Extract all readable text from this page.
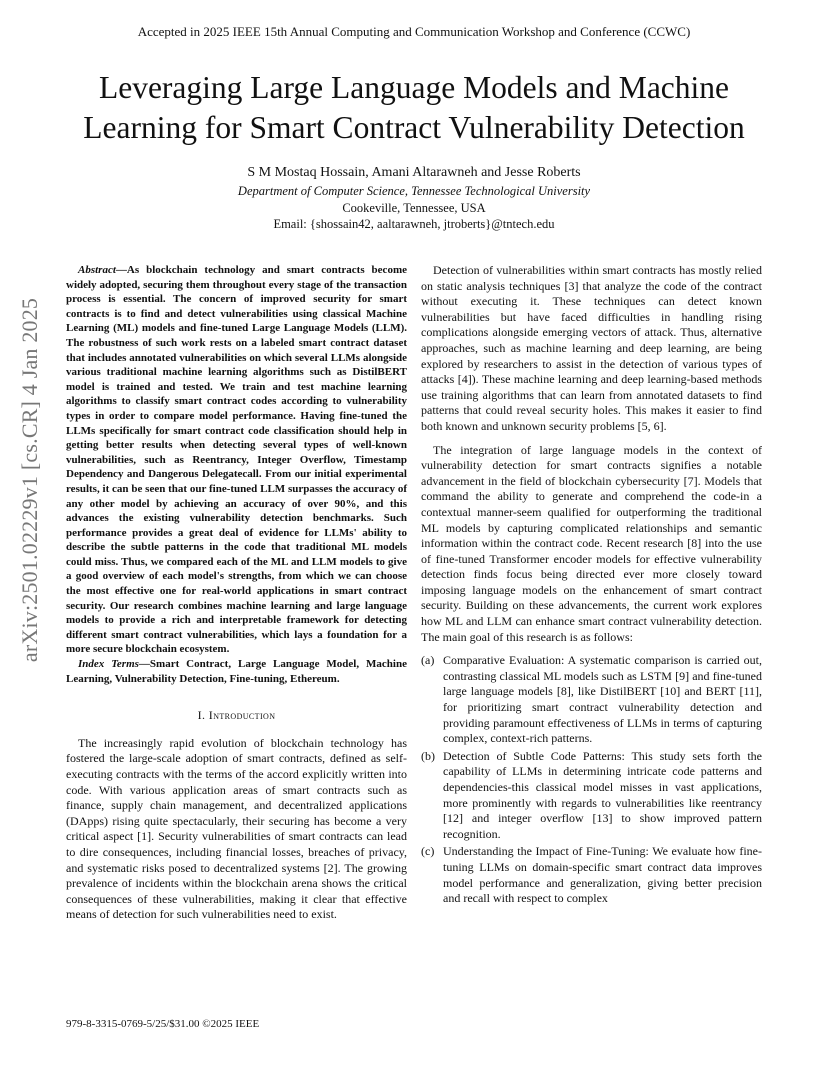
Accepted in 2025 IEEE 15th Annual Computing and Communication Workshop and Conference (CCWC)
Leveraging Large Language Models and Machine
Learning for Smart Contract Vulnerability Detection
S M Mostaq Hossain, Amani Altarawneh and Jesse Roberts
Department of Computer Science, Tennessee Technological University
Cookeville, Tennessee, USA
Email: {shossain42, aaltarawneh, jtroberts}@tntech.edu
arXiv:2501.02229v1 [cs.CR] 4 Jan 2025

Abstract—As blockchain technology and smart contracts become widely adopted, securing them throughout every stage of the transaction process is essential. The concern of improved security for smart contracts is to find and detect vulnerabilities using classical Machine Learning (ML) models and fine-tuned Large Language Models (LLM). The robustness of such work rests on a labeled smart contract dataset that includes annotated vulnerabilities on which several LLMs alongside various traditional machine learning algorithms such as DistilBERT model is trained and tested. We train and test machine learning algorithms to classify smart contract codes according to vulnerability types in order to compare model performance. Having fine-tuned the LLMs specifically for smart contract code classification should help in getting better results when detecting several types of well-known vulnerabilities, such as Reentrancy, Integer Overflow, Timestamp Dependency and Dangerous Delegatecall. From our initial experimental results, it can be seen that our fine-tuned LLM surpasses the accuracy of any other model by achieving an accuracy of over 90%, and this advances the existing vulnerability detection benchmarks. Such performance provides a great deal of evidence for LLMs' ability to describe the subtle patterns in the code that traditional ML models could miss. Thus, we compared each of the ML and LLM models to give a good overview of each model's strengths, from which we can choose the most effective one for real-world applications in smart contract security. Our research combines machine learning and large language models to provide a rich and interpretable framework for detecting different smart contract vulnerabilities, which lays a foundation for a more secure blockchain ecosystem.

Index Terms—Smart Contract, Large Language Model, Machine Learning, Vulnerability Detection, Fine-tuning, Ethereum.

I. Introduction

The increasingly rapid evolution of blockchain technology has fostered the large-scale adoption of smart contracts, defined as self-executing contracts with the terms of the accord explicitly written into code. With various application areas of smart contracts such as finance, supply chain management, and decentralized applications (DApps) rising quite spectacularly, their securing has become a very critical aspect [1]. Security vulnerabilities of smart contracts can lead to dire consequences, including financial losses, breaches of privacy, and systematic risks posed to decentralized systems [2]. The growing prevalence of incidents within the blockchain arena shows the critical consequences of these vulnerabilities, making it clear that effective means of detection for such vulnerabilities need to exist.

Detection of vulnerabilities within smart contracts has mostly relied on static analysis techniques [3] that analyze the code of the contract without executing it. These techniques can detect known vulnerabilities but have faced difficulties in handling rising complications alongside emerging vectors of attack. Thus, alternative approaches, such as machine learning and deep learning, are being explored by researchers to assist in the detection of various types of attacks [4]). These machine learning and deep learning-based methods use training algorithms that can learn from annotated datasets to find patterns that could reveal security holes. This makes it easier to find both known and unknown security problems [5, 6].

The integration of large language models in the context of vulnerability detection for smart contracts signifies a notable advancement in the field of blockchain cybersecurity [7]. Models that command the ability to generate and comprehend the code-in a contextual manner-seem qualified for outperforming the traditional ML models by capturing complicated relationships and semantic information within the contract code. Recent research [8] into the use of fine-tuned Transformer encoder models for effective vulnerability detection finds focus being directed ever more closely toward imposing language models on the enhancement of smart contract security. Building on these advancements, the current work explores how ML and LLM can enhance smart contract vulnerability detection. The main goal of this research is as follows:

(a) Comparative Evaluation: A systematic comparison is carried out, contrasting classical ML models such as LSTM [9] and fine-tuned large language models [8], like DistilBERT [10] and BERT [11], for prioritizing smart contract vulnerability detection and providing paramount effectiveness of LLMs in terms of capturing complex, context-rich patterns.
(b) Detection of Subtle Code Patterns: This study sets forth the capability of LLMs in determining intricate code patterns and dependencies-this classical model misses in vast applications, more prominently with regards to vulnerabilities like reentrancy [12] and integer overflow [13] to show improved pattern recognition.
(c) Understanding the Impact of Fine-Tuning: We evaluate how fine-tuning LLMs on domain-specific smart contract data improves model performance and generalization, giving better precision and recall with respect to complex
979-8-3315-0769-5/25/$31.00 ©2025 IEEE
